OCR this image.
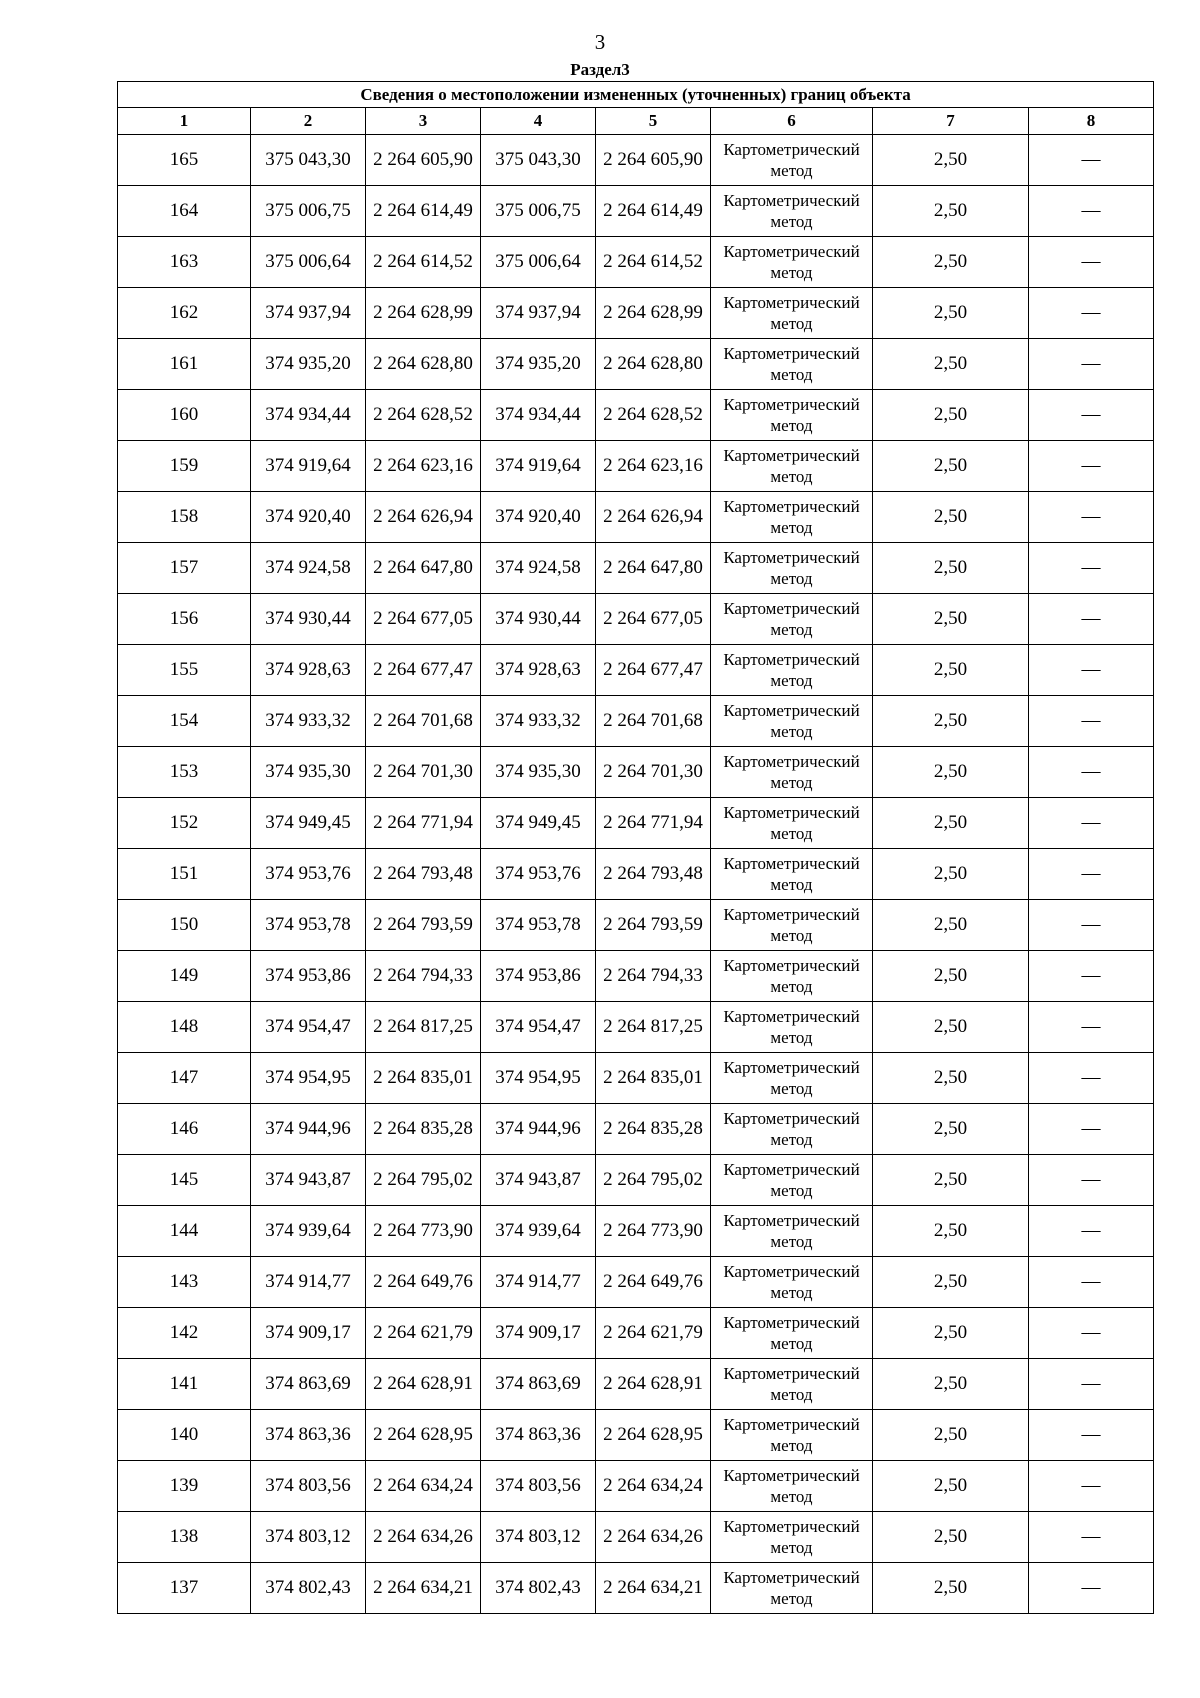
3
Раздел3
Сведения о местоположении измененных (уточненных) границ объекта							
1	2	3	4	5	6	7	8
165	375 043,30	2 264 605,90	375 043,30	2 264 605,90	Картометрический метод	2,50	—
164	375 006,75	2 264 614,49	375 006,75	2 264 614,49	Картометрический метод	2,50	—
163	375 006,64	2 264 614,52	375 006,64	2 264 614,52	Картометрический метод	2,50	—
162	374 937,94	2 264 628,99	374 937,94	2 264 628,99	Картометрический метод	2,50	—
161	374 935,20	2 264 628,80	374 935,20	2 264 628,80	Картометрический метод	2,50	—
160	374 934,44	2 264 628,52	374 934,44	2 264 628,52	Картометрический метод	2,50	—
159	374 919,64	2 264 623,16	374 919,64	2 264 623,16	Картометрический метод	2,50	—
158	374 920,40	2 264 626,94	374 920,40	2 264 626,94	Картометрический метод	2,50	—
157	374 924,58	2 264 647,80	374 924,58	2 264 647,80	Картометрический метод	2,50	—
156	374 930,44	2 264 677,05	374 930,44	2 264 677,05	Картометрический метод	2,50	—
155	374 928,63	2 264 677,47	374 928,63	2 264 677,47	Картометрический метод	2,50	—
154	374 933,32	2 264 701,68	374 933,32	2 264 701,68	Картометрический метод	2,50	—
153	374 935,30	2 264 701,30	374 935,30	2 264 701,30	Картометрический метод	2,50	—
152	374 949,45	2 264 771,94	374 949,45	2 264 771,94	Картометрический метод	2,50	—
151	374 953,76	2 264 793,48	374 953,76	2 264 793,48	Картометрический метод	2,50	—
150	374 953,78	2 264 793,59	374 953,78	2 264 793,59	Картометрический метод	2,50	—
149	374 953,86	2 264 794,33	374 953,86	2 264 794,33	Картометрический метод	2,50	—
148	374 954,47	2 264 817,25	374 954,47	2 264 817,25	Картометрический метод	2,50	—
147	374 954,95	2 264 835,01	374 954,95	2 264 835,01	Картометрический метод	2,50	—
146	374 944,96	2 264 835,28	374 944,96	2 264 835,28	Картометрический метод	2,50	—
145	374 943,87	2 264 795,02	374 943,87	2 264 795,02	Картометрический метод	2,50	—
144	374 939,64	2 264 773,90	374 939,64	2 264 773,90	Картометрический метод	2,50	—
143	374 914,77	2 264 649,76	374 914,77	2 264 649,76	Картометрический метод	2,50	—
142	374 909,17	2 264 621,79	374 909,17	2 264 621,79	Картометрический метод	2,50	—
141	374 863,69	2 264 628,91	374 863,69	2 264 628,91	Картометрический метод	2,50	—
140	374 863,36	2 264 628,95	374 863,36	2 264 628,95	Картометрический метод	2,50	—
139	374 803,56	2 264 634,24	374 803,56	2 264 634,24	Картометрический метод	2,50	—
138	374 803,12	2 264 634,26	374 803,12	2 264 634,26	Картометрический метод	2,50	—
137	374 802,43	2 264 634,21	374 802,43	2 264 634,21	Картометрический метод	2,50	—
